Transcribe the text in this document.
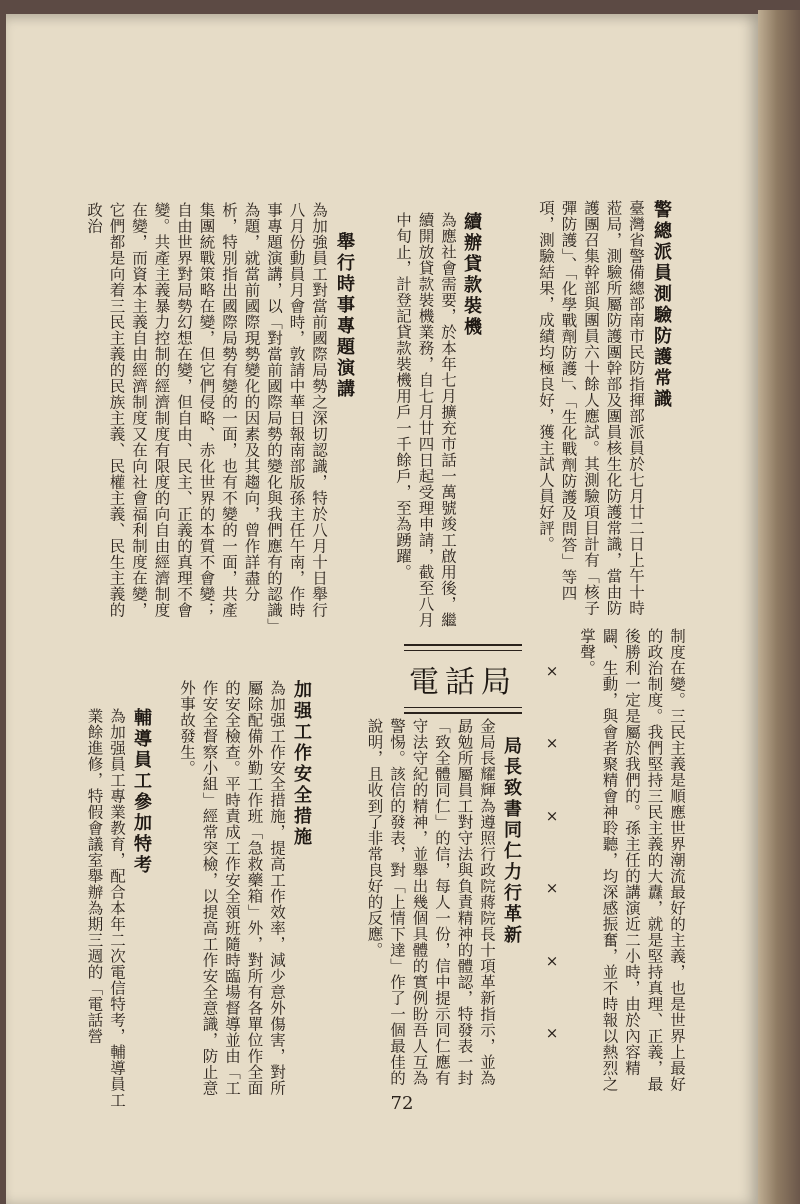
警總派員測驗防護常識
臺灣省警備總部南市民防指揮部派員於七月廿二日上午十時蒞局，測驗所屬防護團幹部及團員核生化防護常識，當由防護團召集幹部與團員六十餘人應試。其測驗項目計有「核子彈防護」、「化學戰劑防護」、「生化戰劑防護及問答」等四項，測驗結果，成績均極良好，獲主試人員好評。
續辦貸款裝機
為應社會需要，於本年七月擴充市話一萬號竣工啟用後，繼續開放貸款裝機業務，自七月廿四日起受理申請，截至八月中旬止，計登記貸款裝機用戶一千餘戶，至為踴躍。
舉行時事專題演講
為加強員工對當前國際局勢之深切認識，特於八月十日舉行八月份動員月會時，敦請中華日報南部版孫主任午南，作時事專題演講，以「對當前國際局勢的變化與我們應有的認識」為題，就當前國際現勢變化的因素及其趨向，曾作詳盡分析，特別指出國際局勢有變的一面，也有不變的一面，共產集團統戰策略在變，但它們侵略、赤化世界的本質不會變；自由世界對局勢幻想在變，但自由、民主、正義的真理不會變。共產主義暴力控制的經濟制度有限度的向自由經濟制度在變，而資本主義自由經濟制度又在向社會福利制度在變，它們都是向着三民主義的民族主義、民權主義、民生主義的政治
制度在變。三民主義是順應世界潮流最好的主義，也是世界上最好的政治制度。我們堅持三民主義的大纛，就是堅持真理、正義，最後勝利一定是屬於我們的。孫主任的講演近二小時，由於內容精闢、生動，與會者聚精會神聆聽，均深感振奮，並不時報以熱烈之掌聲。
×
×
×
×
×
×
局長致書同仁力行革新
電話局
金局長耀輝為遵照行政院蔣院長十項革新指示，並為勗勉所屬員工對守法與負責精神的體認，特發表一封「致全體同仁」的信，每人一份，信中提示同仁應有守法守紀的精神，並舉出幾個具體的實例盼吾人互為警惕。該信的發表，對「上情下達」作了一個最佳的說明，且收到了非常良好的反應。
加强工作安全措施
為加强工作安全措施，提高工作效率，減少意外傷害，對所屬除配備外勤工作班「急救藥箱」外，對所有各單位作全面的安全檢查。平時責成工作安全領班隨時臨場督導並由「工作安全督察小組」經常突檢，以提高工作安全意識，防止意外事故發生。
輔導員工參加特考
為加强員工專業教育，配合本年二次電信特考，輔導員工業餘進修，特假會議室舉辦為期三週的「電話營
72
